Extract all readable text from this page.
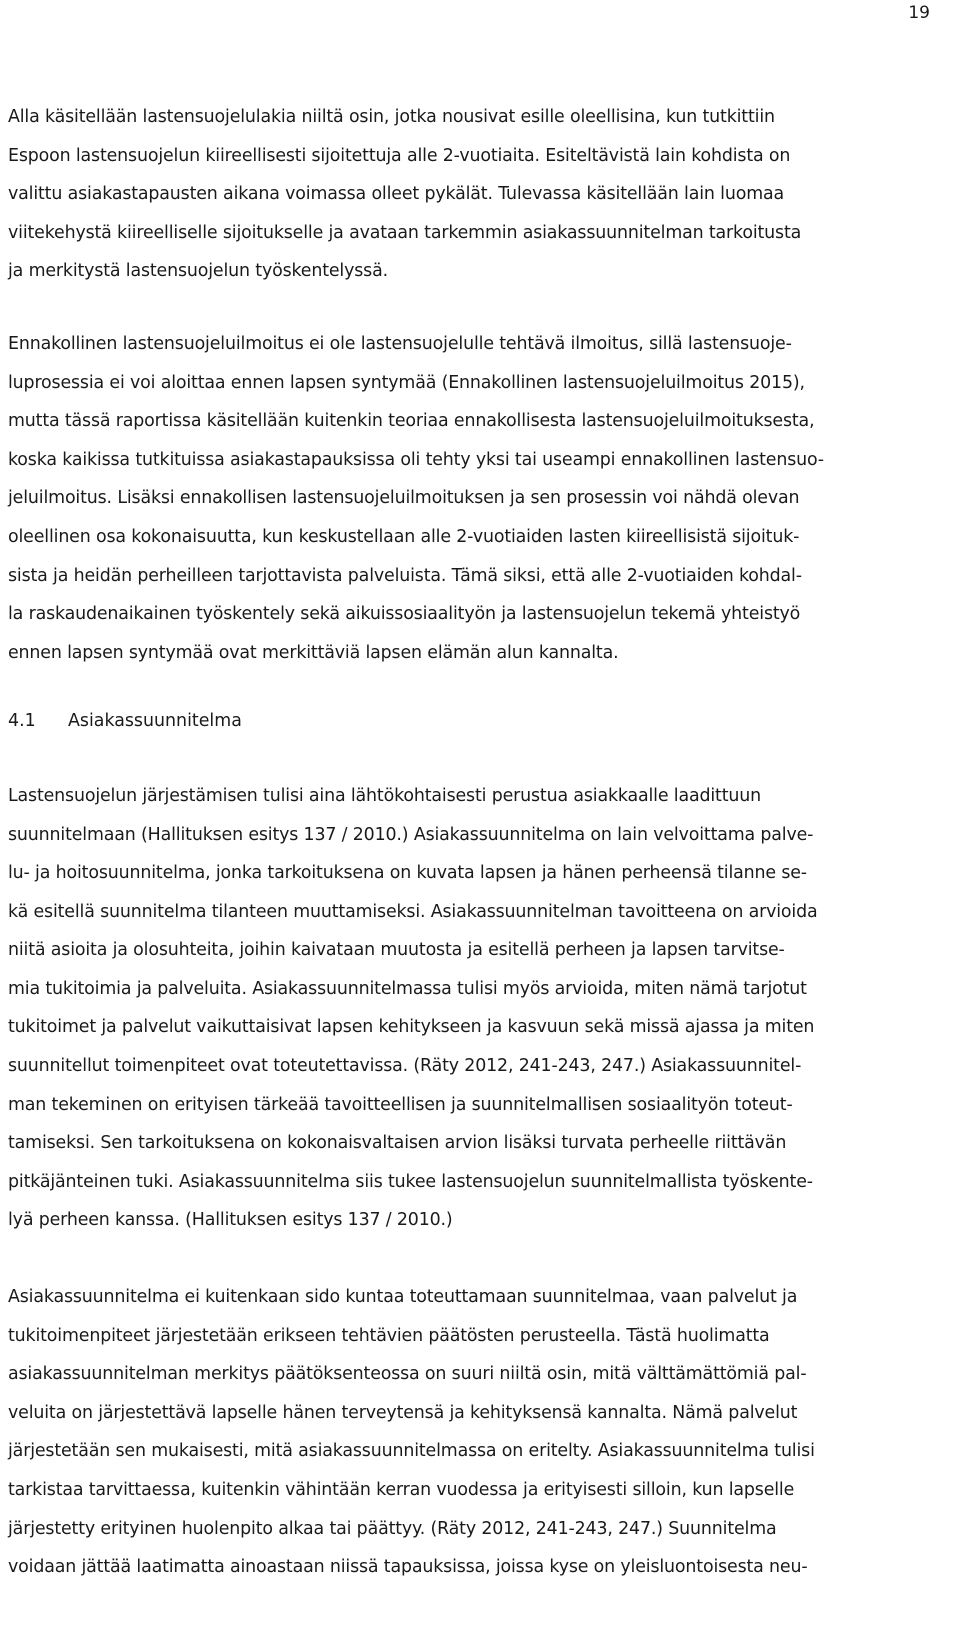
19

Alla käsitellään lastensuojelulakia niiltä osin, jotka nousivat esille oleellisina, kun tutkittiin
Espoon lastensuojelun kiireellisesti sijoitettuja alle 2-vuotiaita. Esiteltävistä lain kohdista on
valittu asiakastapausten aikana voimassa olleet pykälät. Tulevassa käsitellään lain luomaa
viitekehystä kiireelliselle sijoitukselle ja avataan tarkemmin asiakassuunnitelman tarkoitusta
ja merkitystä lastensuojelun työskentelyssä.

Ennakollinen lastensuojeluilmoitus ei ole lastensuojelulle tehtävä ilmoitus, sillä lastensuoje-
luprosessia ei voi aloittaa ennen lapsen syntymää (Ennakollinen lastensuojeluilmoitus 2015),
mutta tässä raportissa käsitellään kuitenkin teoriaa ennakollisesta lastensuojeluilmoituksesta,
koska kaikissa tutkituissa asiakastapauksissa oli tehty yksi tai useampi ennakollinen lastensuo-
jeluilmoitus. Lisäksi ennakollisen lastensuojeluilmoituksen ja sen prosessin voi nähdä olevan
oleellinen osa kokonaisuutta, kun keskustellaan alle 2-vuotiaiden lasten kiireellisistä sijoituk-
sista ja heidän perheilleen tarjottavista palveluista. Tämä siksi, että alle 2-vuotiaiden kohdal-
la raskaudenaikainen työskentely sekä aikuissosiaalityön ja lastensuojelun tekemä yhteistyö
ennen lapsen syntymää ovat merkittäviä lapsen elämän alun kannalta.

4.1 Asiakassuunnitelma

Lastensuojelun järjestämisen tulisi aina lähtökohtaisesti perustua asiakkaalle laadittuun
suunnitelmaan (Hallituksen esitys 137 / 2010.) Asiakassuunnitelma on lain velvoittama palve-
lu- ja hoitosuunnitelma, jonka tarkoituksena on kuvata lapsen ja hänen perheensä tilanne se-
kä esitellä suunnitelma tilanteen muuttamiseksi. Asiakassuunnitelman tavoitteena on arvioida
niitä asioita ja olosuhteita, joihin kaivataan muutosta ja esitellä perheen ja lapsen tarvitse-
mia tukitoimia ja palveluita. Asiakassuunnitelmassa tulisi myös arvioida, miten nämä tarjotut
tukitoimet ja palvelut vaikuttaisivat lapsen kehitykseen ja kasvuun sekä missä ajassa ja miten
suunnitellut toimenpiteet ovat toteutettavissa. (Räty 2012, 241-243, 247.) Asiakassuunnitel-
man tekeminen on erityisen tärkeää tavoitteellisen ja suunnitelmallisen sosiaalityön toteut-
tamiseksi. Sen tarkoituksena on kokonaisvaltaisen arvion lisäksi turvata perheelle riittävän
pitkäjänteinen tuki. Asiakassuunnitelma siis tukee lastensuojelun suunnitelmallista työskente-
lyä perheen kanssa. (Hallituksen esitys 137 / 2010.)

Asiakassuunnitelma ei kuitenkaan sido kuntaa toteuttamaan suunnitelmaa, vaan palvelut ja
tukitoimenpiteet järjestetään erikseen tehtävien päätösten perusteella. Tästä huolimatta
asiakassuunnitelman merkitys päätöksenteossa on suuri niiltä osin, mitä välttämättömiä pal-
veluita on järjestettävä lapselle hänen terveytensä ja kehityksensä kannalta. Nämä palvelut
järjestetään sen mukaisesti, mitä asiakassuunnitelmassa on eritelty. Asiakassuunnitelma tulisi
tarkistaa tarvittaessa, kuitenkin vähintään kerran vuodessa ja erityisesti silloin, kun lapselle
järjestetty erityinen huolenpito alkaa tai päättyy. (Räty 2012, 241-243, 247.) Suunnitelma
voidaan jättää laatimatta ainoastaan niissä tapauksissa, joissa kyse on yleisluontoisesta neu-
